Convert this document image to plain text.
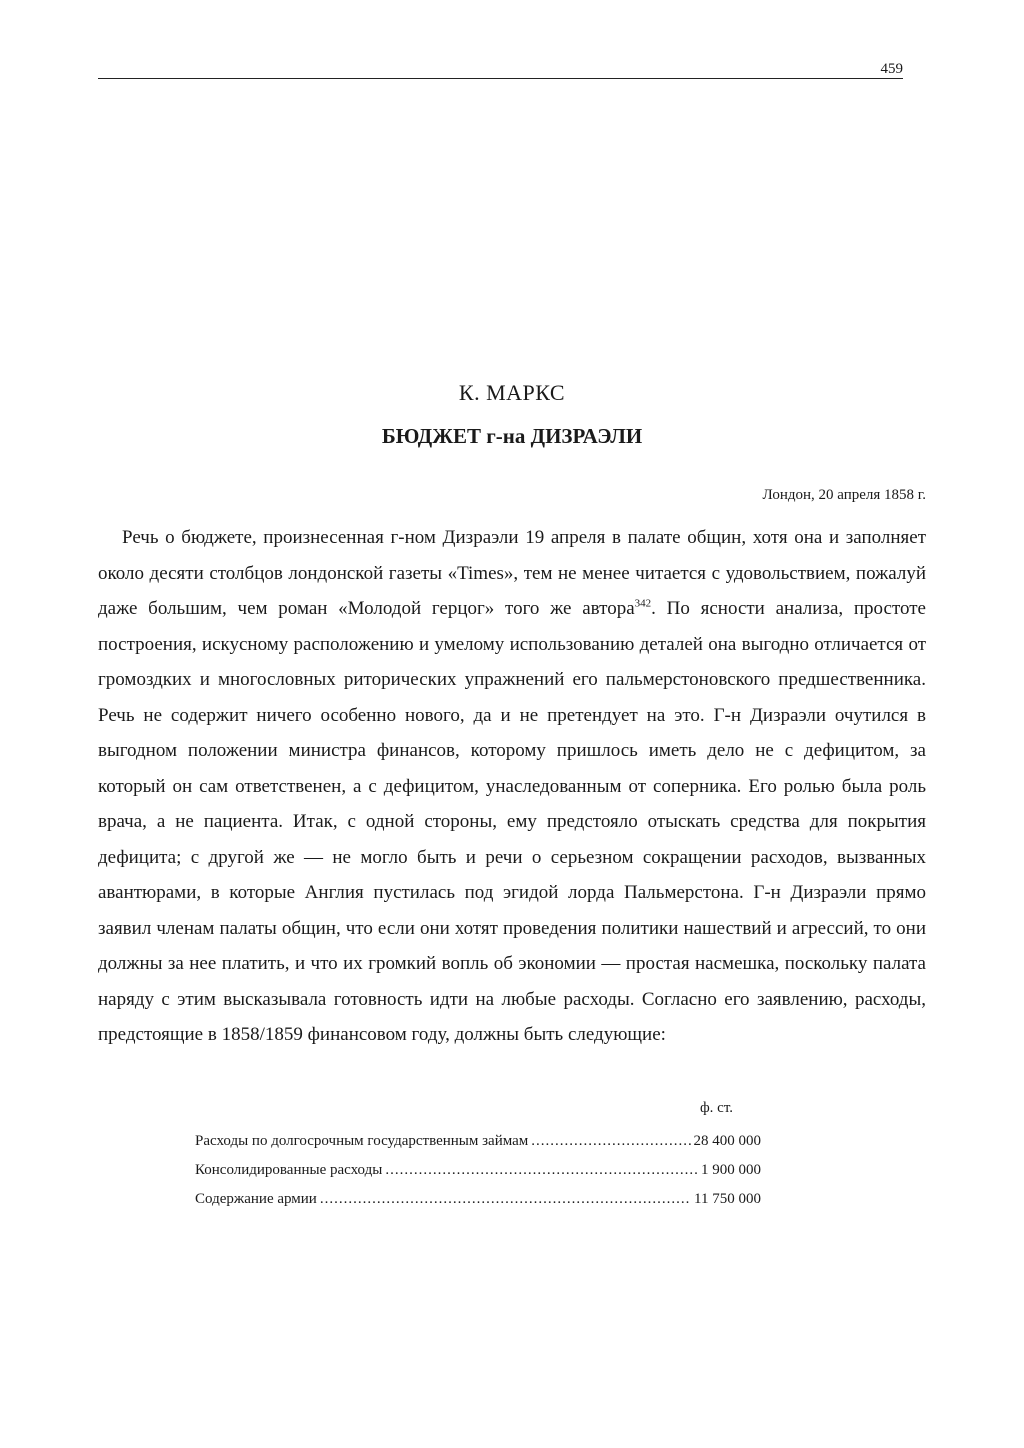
459
К. МАРКС
БЮДЖЕТ г-на ДИЗРАЭЛИ
Лондон, 20 апреля 1858 г.

Речь о бюджете, произнесенная г-ном Дизраэли 19 апреля в палате общин, хотя она и заполняет около десяти столбцов лондонской газеты «Times», тем не менее читается с удовольствием, пожалуй даже большим, чем роман «Молодой герцог» того же автора$^{342}$. По ясности анализа, простоте построения, искусному расположению и умелому использованию деталей она выгодно отличается от громоздких и многословных риторических упражнений его пальмерстоновского предшественника. Речь не содержит ничего особенно нового, да и не претендует на это. Г-н Дизраэли очутился в выгодном положении министра финансов, которому пришлось иметь дело не с дефицитом, за который он сам ответственен, а с дефицитом, унаследованным от соперника. Его ролью была роль врача, а не пациента. Итак, с одной стороны, ему предстояло отыскать средства для покрытия дефицита; с другой же — не могло быть и речи о серьезном сокращении расходов, вызванных авантюрами, в которые Англия пустилась под эгидой лорда Пальмерстона. Г-н Дизраэли прямо заявил членам палаты общин, что если они хотят проведения политики нашествий и агрессий, то они должны за нее платить, и что их громкий вопль об экономии — простая насмешка, поскольку палата наряду с этим высказывала готовность идти на любые расходы. Согласно его заявлению, расходы, предстоящие в 1858/1859 финансовом году, должны быть следующие:

ф. ст.
Расходы по долгосрочным государственным займам .....	28 400 000
Консолидированные расходы .....	1 900 000
Содержание армии .....	11 750 000
